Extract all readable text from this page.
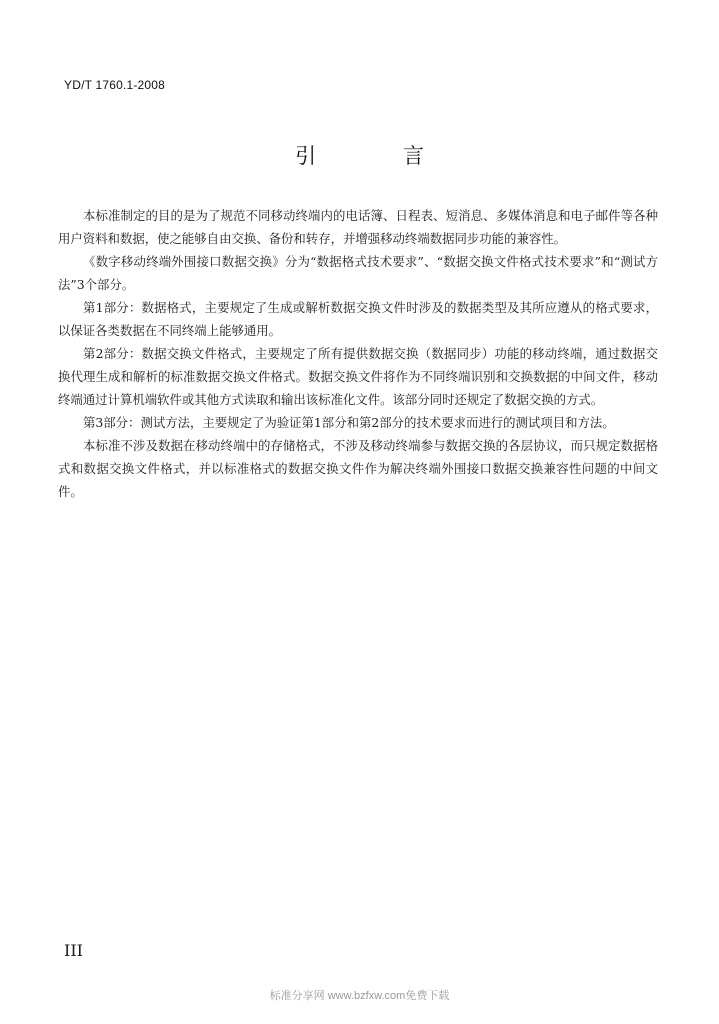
YD/T 1760.1-2008
引 言

本标准制定的目的是为了规范不同移动终端内的电话簿、日程表、短消息、多媒体消息和电子邮件等各种用户资料和数据，使之能够自由交换、备份和转存，并增强移动终端数据同步功能的兼容性。

《数字移动终端外围接口数据交换》分为“数据格式技术要求”、“数据交换文件格式技术要求”和“测试方法”3个部分。

第1部分：数据格式，主要规定了生成或解析数据交换文件时涉及的数据类型及其所应遵从的格式要求，以保证各类数据在不同终端上能够通用。

第2部分：数据交换文件格式，主要规定了所有提供数据交换（数据同步）功能的移动终端，通过数据交换代理生成和解析的标准数据交换文件格式。数据交换文件将作为不同终端识别和交换数据的中间文件，移动终端通过计算机端软件或其他方式读取和输出该标准化文件。该部分同时还规定了数据交换的方式。

第3部分：测试方法，主要规定了为验证第1部分和第2部分的技术要求而进行的测试项目和方法。

本标准不涉及数据在移动终端中的存储格式，不涉及移动终端参与数据交换的各层协议，而只规定数据格式和数据交换文件格式，并以标准格式的数据交换文件作为解决终端外围接口数据交换兼容性问题的中间文件。

III
标准分享网 www.bzfxw.com免费下载
